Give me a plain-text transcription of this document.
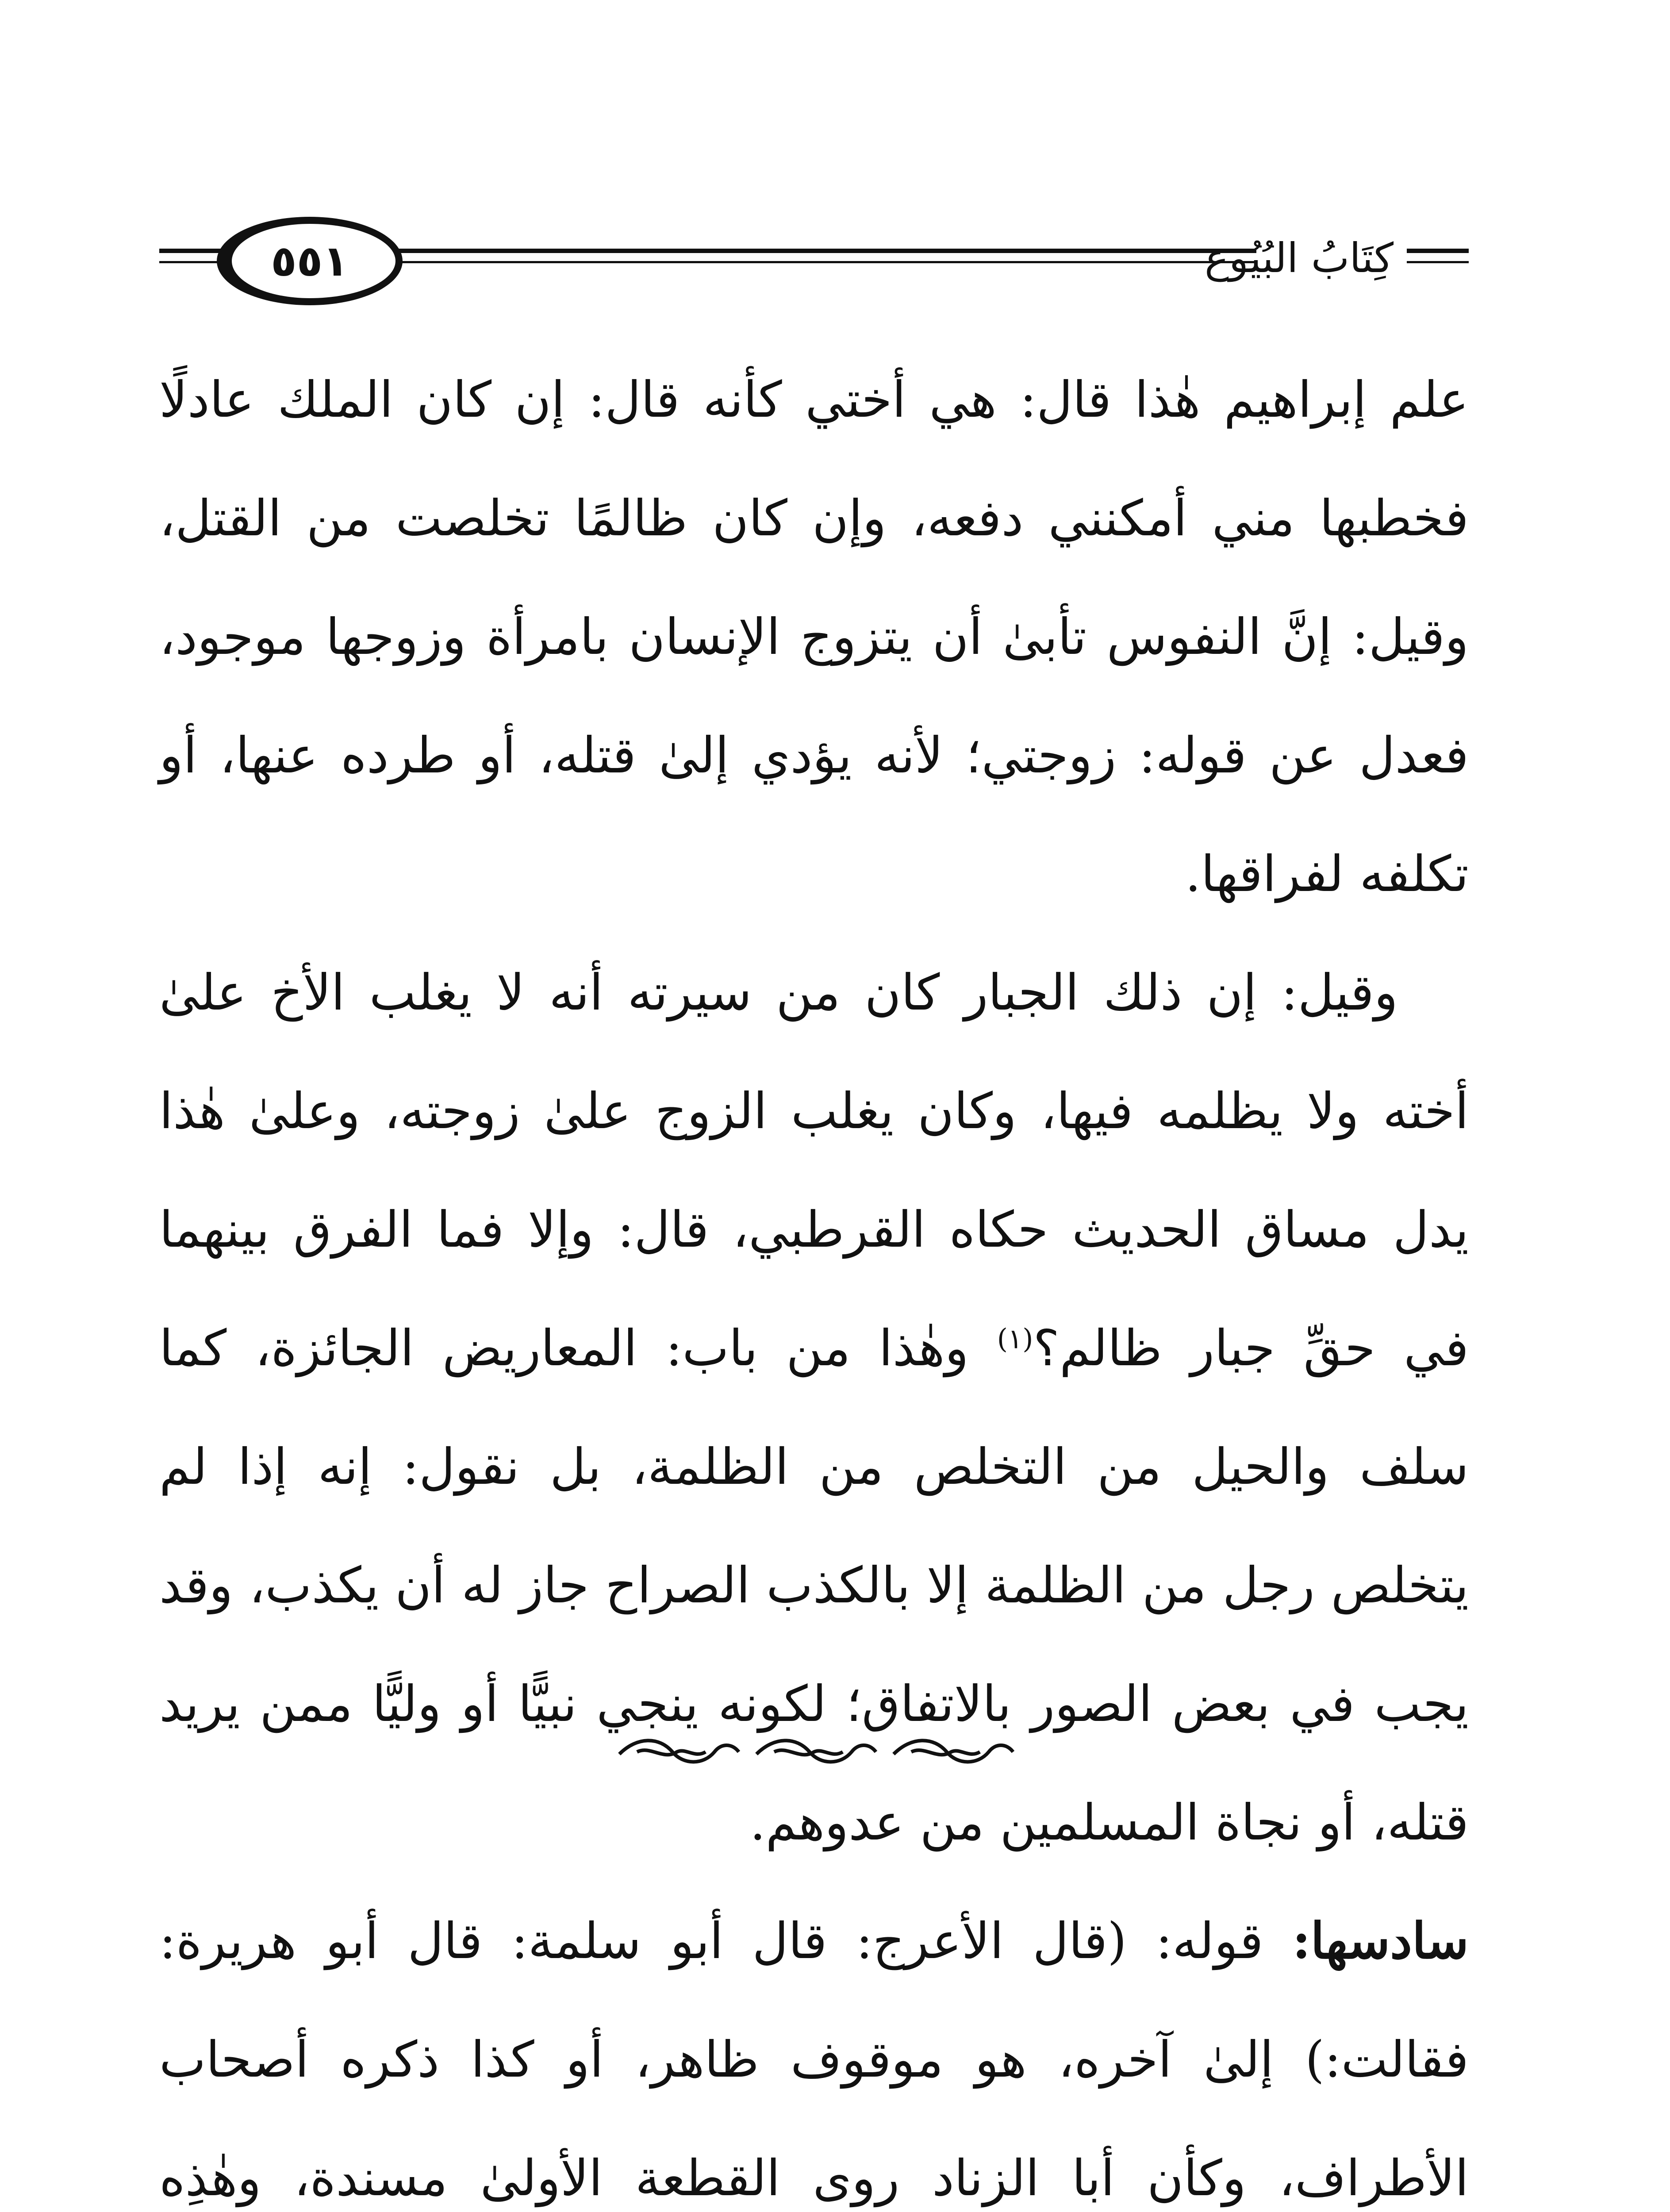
٥٥١	كِتَابُ البُيُوع

علم إبراهيم هٰذا قال: هي أختي كأنه قال: إن كان الملك عادلًا فخطبها مني أمكنني دفعه، وإن كان ظالمًا تخلصت من القتل، وقيل: إنَّ النفوس تأبىٰ أن يتزوج الإنسان بامرأة وزوجها موجود، فعدل عن قوله: زوجتي؛ لأنه يؤدي إلىٰ قتله، أو طرده عنها، أو تكلفه لفراقها.

وقيل: إن ذلك الجبار كان من سيرته أنه لا يغلب الأخ علىٰ أخته ولا يظلمه فيها، وكان يغلب الزوج علىٰ زوجته، وعلىٰ هٰذا يدل مساق الحديث حكاه القرطبي، قال: وإلا فما الفرق بينهما في حقِّ جبار ظالم؟$^{(١)}$ وهٰذا من باب: المعاريض الجائزة، كما سلف والحيل من التخلص من الظلمة، بل نقول: إنه إذا لم يتخلص رجل من الظلمة إلا بالكذب الصراح جاز له أن يكذب، وقد يجب في بعض الصور بالاتفاق؛ لكونه ينجي نبيًّا أو وليًّا ممن يريد قتله، أو نجاة المسلمين من عدوهم.

سادسها: قوله: (قال الأعرج: قال أبو سلمة: قال أبو هريرة: فقالت:) إلىٰ آخره، هو موقوف ظاهر، أو كذا ذكره أصحاب الأطراف، وكأن أبا الزناد روى القطعة الأولىٰ مسندة، وهٰذِه
